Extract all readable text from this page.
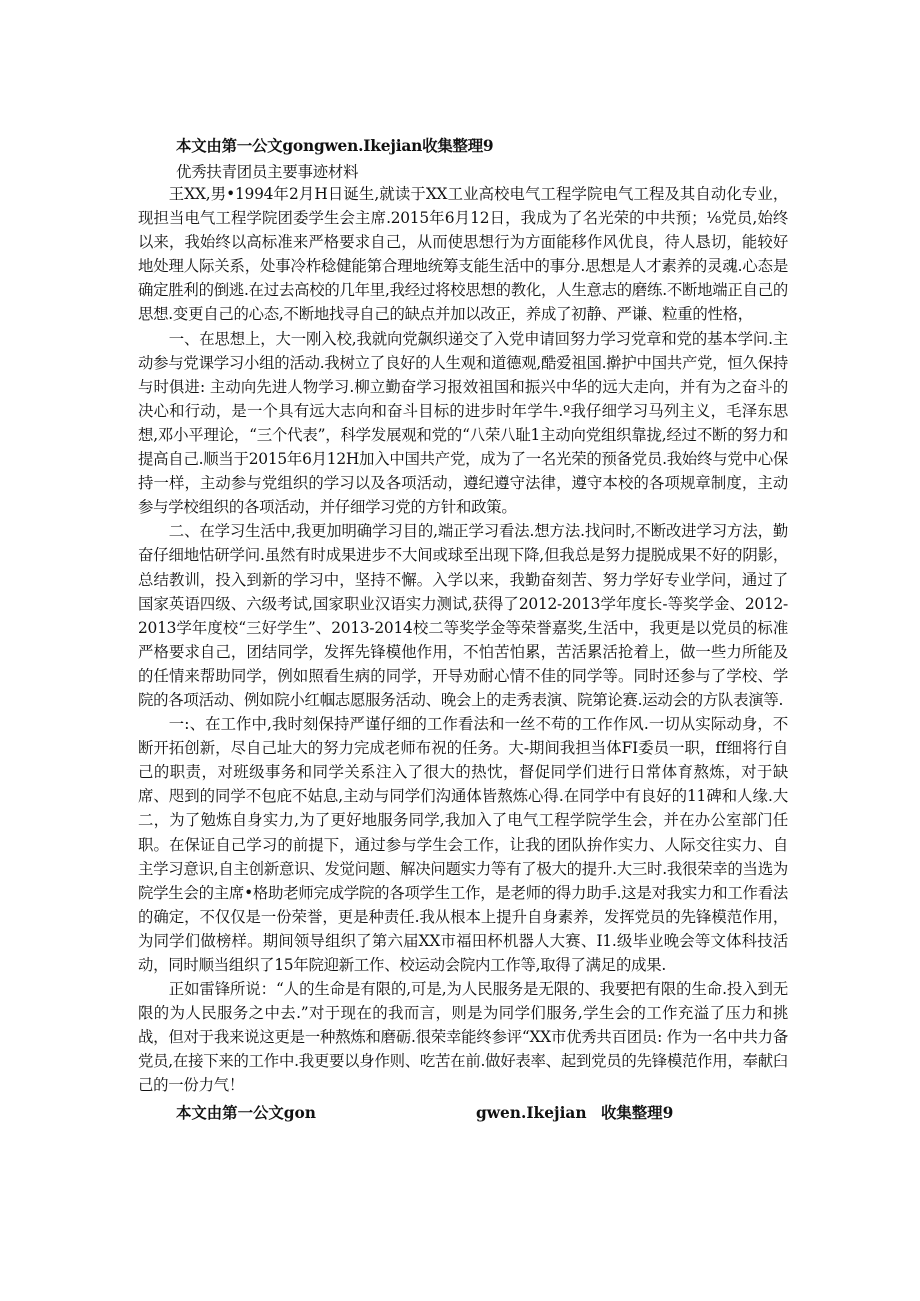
本文由第一公文gongwen.Ikejian收集整理9
优秀扶青团员主要事迹材料

王XX,男•1994年2月H日诞生,就读于XX工业高校电气工程学院电气工程及其自动化专业，现担当电气工程学院团委学生会主席.2015年6月12日，我成为了名光荣的中共预；⅛党员,始终以来，我始终以高标准来严格要求自己，从而使思想行为方面能移作风优良，待人恳切，能较好地处理人际关系，处事冷柞稔健能第合理地统筹支能生活中的事分.思想是人才素养的灵魂.心态是确定胜利的倒逃.在过去高校的几年里,我经过将校思想的教化，人生意志的磨练.不断地端正自己的思想.变更自己的心态,不断地找寻自己的缺点并加以改正，养成了初静、严谦、粒重的性格，

一、在思想上，大一刚入校,我就向党飙织递交了入党申请回努力学习党章和党的基本学问.主动参与党课学习小组的活动.我树立了良好的人生观和道德观,酷爱祖国.擀护中国共产党，恒久保持与时俱进: 主动向先进人物学习.柳立勤奋学习报效祖国和振兴中华的远大走向，并有为之奋斗的决心和行动，是一个具有远大志向和奋斗目标的进步时年学牛.º我仔细学习马列主义，毛泽东思想,邓小平理论，“三个代表”，科学发展观和党的“八荣八耻1主动向党组织靠拢,经过不断的努力和提高自己.顺当于2015年6月12H加入中国共产党，成为了一名光荣的预备党员.我始终与党中心保持一样，主动参与党组织的学习以及各项活动，遵纪遵守法律，遵守本校的各项规章制度，主动参与学校组织的各项活动，并仔细学习党的方针和政策。

二、在学习生活中,我更加明确学习目的,端正学习看法.想方法.找问时,不断改进学习方法，勤奋仔细地怙研学问.虽然有时成果进步不大间或球至出现下降,但我总是努力提脱成果不好的阴影，总结教训，投入到新的学习中，坚持不懈。入学以来，我勤奋刻苦、努力学好专业学问，通过了国家英语四级、六级考试,国家职业汉语实力测试,获得了2012-2013学年度长-等奖学金、2012-2013学年度校“三好学生”、2013-2014校二等奖学金等荣誉嘉奖,生活中，我更是以党员的标准严格要求自己，团结同学，发挥先锋模他作用，不怕苦怕累，苦活累活抢着上，做一些力所能及的任情来帮助同学，例如照看生病的同学，开导劝耐心情不佳的同学等。同时还参与了学校、学院的各项活动、例如院小红帼志愿服务活动、晚会上的走秀表演、院第论赛.运动会的方队表演等.

一:、在工作中,我时刻保持严谨仔细的工作看法和一丝不苟的工作作风.一切从实际动身，不断开拓创新，尽自己址大的努力完成老师布祝的任务。大-期间我担当体FI委员一职，ff细将行自己的职责，对班级事务和同学关系注入了很大的热忱，督促同学们进行日常体育熬炼，对于缺席、咫到的同学不包庇不姑息,主动与同学们沟通体皆熬炼心得.在同学中有良好的11碑和人缘.大二，为了勉炼自身实力,为了更好地服务同学,我加入了电气工程学院学生会，并在办公室部门任职。在保证自己学习的前提下，通过参与学生会工作，让我的团队拚作实力、人际交往实力、自主学习意识,自主创新意识、发觉问题、解决问题实力等有了极大的提升.大三时.我很荣幸的当选为院学生会的主席•格助老师完成学院的各项学生工作，是老师的得力助手.这是对我实力和工作看法的确定，不仅仅是一份荣誉，更是种责任.我从根本上提升自身素养，发挥党员的先锋模范作用，为同学们做榜样。期间领导组织了第六届XX市福田杯机器人大赛、I1.级毕业晚会等文体科技活动，同时顺当组织了15年院迎新工作、校运动会院内工作等,取得了满足的成果.

正如雷锋所说：“人的生命是有限的,可是,为人民服务是无限的、我要把有限的生命.投入到无限的为人民服务之中去.”对于现在的我而言，则是为同学们服务,学生会的工作充溢了压力和挑战，但对于我来说这更是一种熬炼和磨砺.很荣幸能终参评“XX市优秀共百团员: 作为一名中共力备党员,在接下来的工作中.我更要以身作则、吃苦在前.做好表率、起到党员的先锋模范作用，奉献臼己的一份力气！

本文由第一公文gon	gwen.Ikejian 收集整理9
